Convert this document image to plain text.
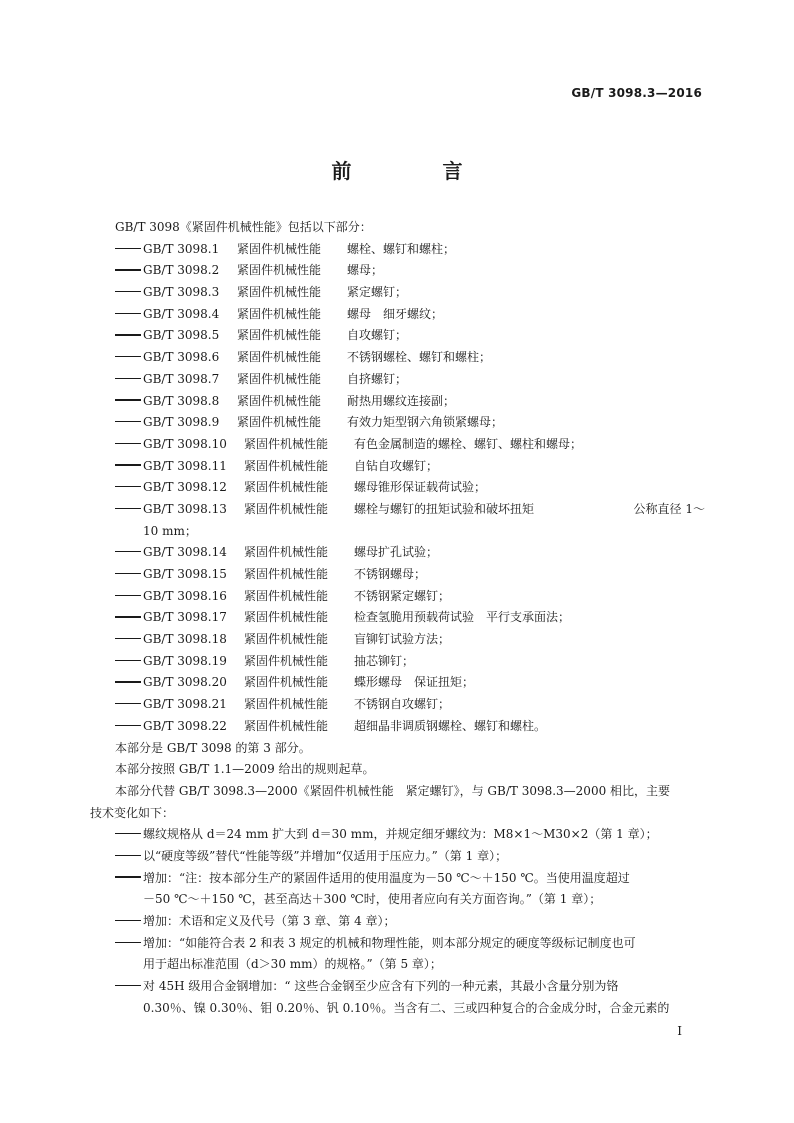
GB/T 3098.3—2016
前 言
GB/T 3098《紧固件机械性能》包括以下部分：
GB/T 3098.1 紧固件机械性能 螺栓、螺钉和螺柱；
GB/T 3098.2 紧固件机械性能 螺母；
GB/T 3098.3 紧固件机械性能 紧定螺钉；
GB/T 3098.4 紧固件机械性能 螺母　细牙螺纹；
GB/T 3098.5 紧固件机械性能 自攻螺钉；
GB/T 3098.6 紧固件机械性能 不锈钢螺栓、螺钉和螺柱；
GB/T 3098.7 紧固件机械性能 自挤螺钉；
GB/T 3098.8 紧固件机械性能 耐热用螺纹连接副；
GB/T 3098.9 紧固件机械性能 有效力矩型钢六角锁紧螺母；
GB/T 3098.10 紧固件机械性能 有色金属制造的螺栓、螺钉、螺柱和螺母；
GB/T 3098.11 紧固件机械性能 自钻自攻螺钉；
GB/T 3098.12 紧固件机械性能 螺母锥形保证载荷试验；
GB/T 3098.13 紧固件机械性能 螺栓与螺钉的扭矩试验和破坏扭矩	公称直径 1～
10 mm；
GB/T 3098.14 紧固件机械性能 螺母扩孔试验；
GB/T 3098.15 紧固件机械性能 不锈钢螺母；
GB/T 3098.16 紧固件机械性能 不锈钢紧定螺钉；
GB/T 3098.17 紧固件机械性能 检查氢脆用预载荷试验　平行支承面法；
GB/T 3098.18 紧固件机械性能 盲铆钉试验方法；
GB/T 3098.19 紧固件机械性能 抽芯铆钉；
GB/T 3098.20 紧固件机械性能 蝶形螺母　保证扭矩；
GB/T 3098.21 紧固件机械性能 不锈钢自攻螺钉；
GB/T 3098.22 紧固件机械性能 超细晶非调质钢螺栓、螺钉和螺柱。
本部分是 GB/T 3098 的第 3 部分。
本部分按照 GB/T 1.1—2009 给出的规则起草。
本部分代替 GB/T 3098.3—2000《紧固件机械性能　紧定螺钉》，与 GB/T 3098.3—2000 相比，主要
技术变化如下：
螺纹规格从 d＝24 mm 扩大到 d＝30 mm，并规定细牙螺纹为：M8×1～M30×2（第 1 章）；
以“硬度等级”替代“性能等级”并增加“仅适用于压应力。”（第 1 章）；
增加：“注：按本部分生产的紧固件适用的使用温度为－50 ℃～＋150 ℃。当使用温度超过
－50 ℃～＋150 ℃，甚至高达＋300 ℃时，使用者应向有关方面咨询。”（第 1 章）；
增加：术语和定义及代号（第 3 章、第 4 章）；
增加：“如能符合表 2 和表 3 规定的机械和物理性能，则本部分规定的硬度等级标记制度也可
用于超出标准范围（d＞30 mm）的规格。”（第 5 章）；
对 45H 级用合金钢增加：“ 这些合金钢至少应含有下列的一种元素，其最小含量分别为铬
0.30％、镍 0.30％、钼 0.20％、钒 0.10％。当含有二、三或四种复合的合金成分时，合金元素的
I
